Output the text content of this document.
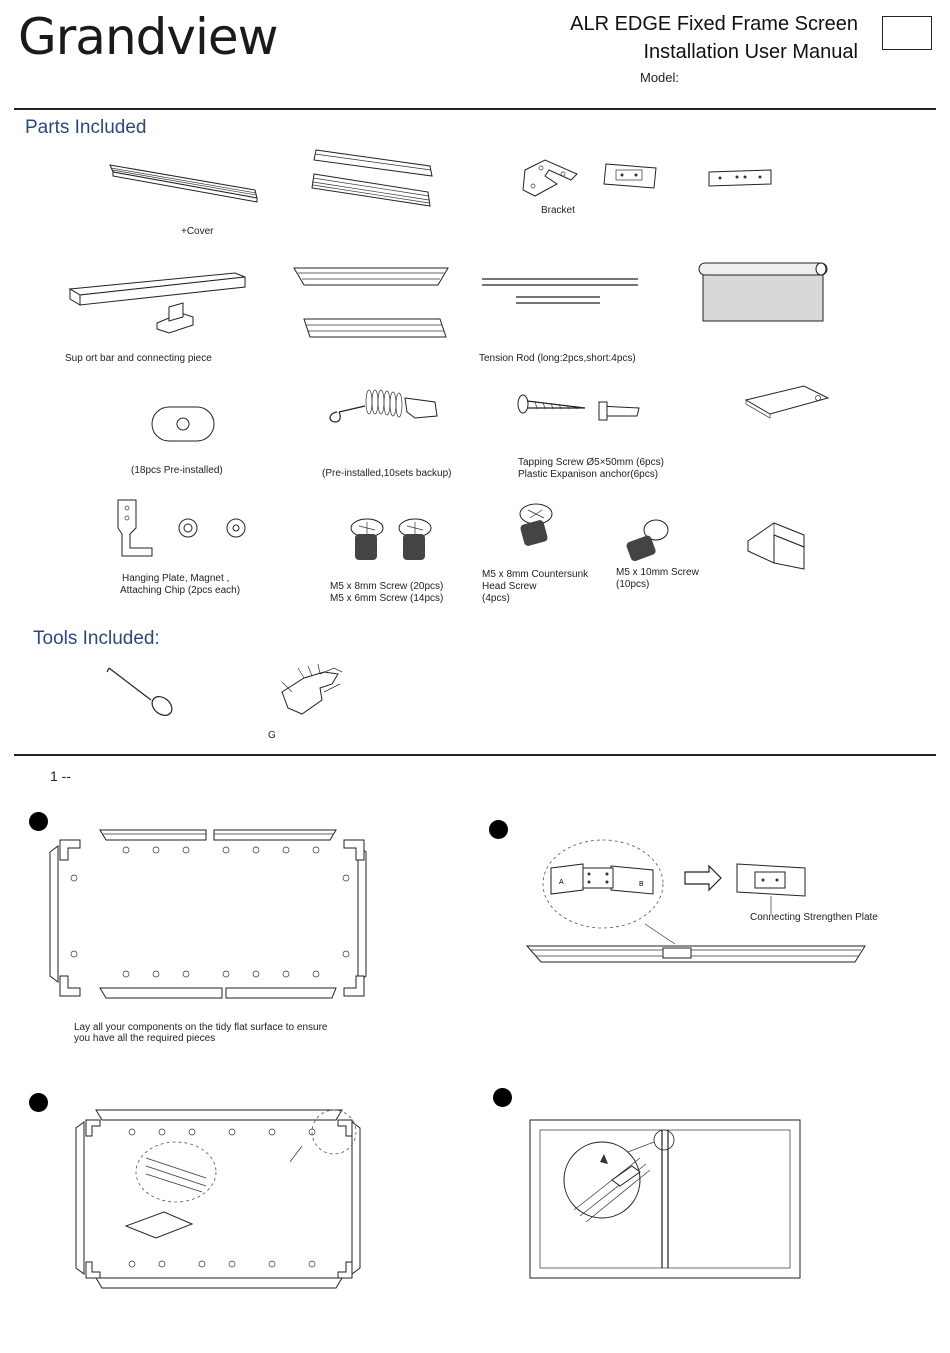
Grandview	ALR EDGE Fixed Frame Screen
Installation User Manual
Model:
Parts Included
+Cover
Bracket
Sup ort bar and connecting piece	Tension Rod (long:2pcs,short:4pcs)
(18pcs Pre-installed)	(Pre-installed,10sets backup)
Tapping Screw Ø5×50mm (6pcs)
Plastic Expanison anchor(6pcs)
Hanging Plate, Magnet ,
Attaching Chip (2pcs each)	M5 x 8mm Screw (20pcs)
M5 x 6mm Screw (14pcs)
M5 x 8mm Countersunk
Head Screw
(4pcs)
M5 x 10mm Screw
(10pcs)
Tools Included:
G
1 --
Lay all your components on the tidy flat surface to ensure
you have all the required pieces
A	B
Connecting Strengthen Plate
